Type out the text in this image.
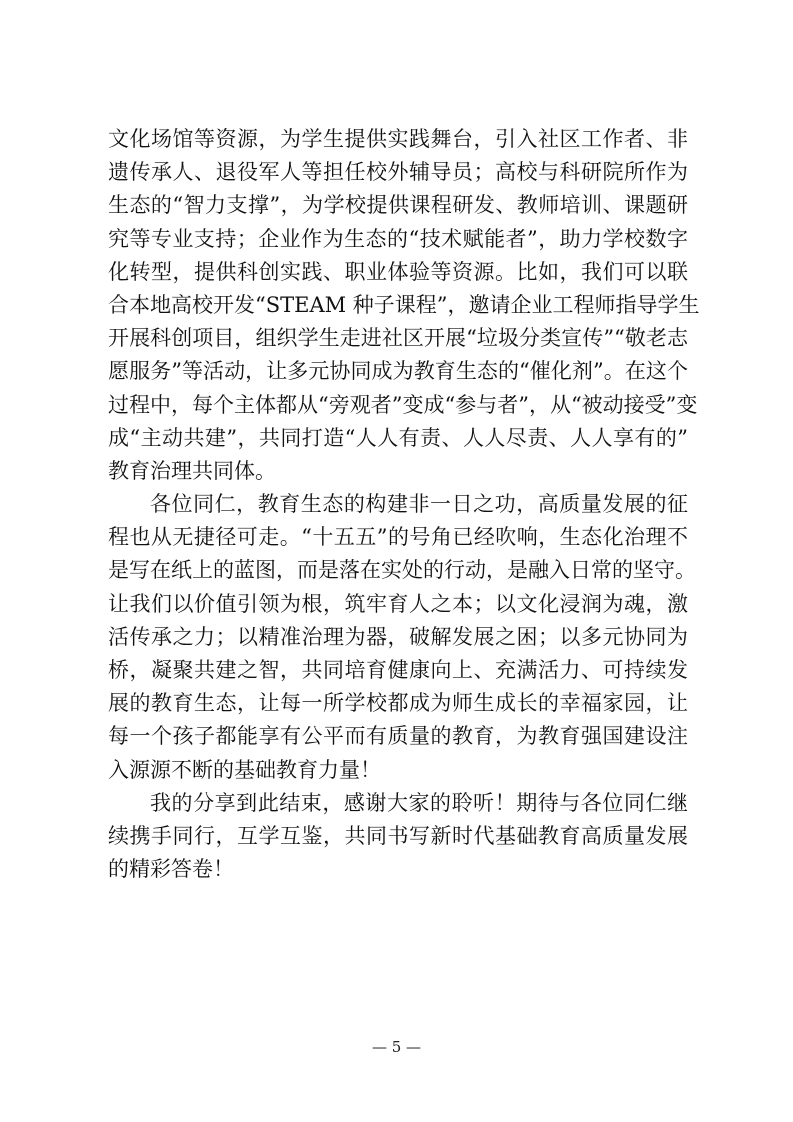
文化场馆等资源，为学生提供实践舞台，引入社区工作者、非
遗传承人、退役军人等担任校外辅导员；高校与科研院所作为
生态的“智力支撑”，为学校提供课程研发、教师培训、课题研
究等专业支持；企业作为生态的“技术赋能者”，助力学校数字
化转型，提供科创实践、职业体验等资源。比如，我们可以联
合本地高校开发“STEAM 种子课程”，邀请企业工程师指导学生
开展科创项目，组织学生走进社区开展“垃圾分类宣传”“敬老志
愿服务”等活动，让多元协同成为教育生态的“催化剂”。在这个
过程中，每个主体都从“旁观者”变成“参与者”，从“被动接受”变
成“主动共建”，共同打造“人人有责、人人尽责、人人享有的”
教育治理共同体。
各位同仁，教育生态的构建非一日之功，高质量发展的征
程也从无捷径可走。“十五五”的号角已经吹响，生态化治理不
是写在纸上的蓝图，而是落在实处的行动，是融入日常的坚守。
让我们以价值引领为根，筑牢育人之本；以文化浸润为魂，激
活传承之力；以精准治理为器，破解发展之困；以多元协同为
桥，凝聚共建之智，共同培育健康向上、充满活力、可持续发
展的教育生态，让每一所学校都成为师生成长的幸福家园，让
每一个孩子都能享有公平而有质量的教育，为教育强国建设注
入源源不断的基础教育力量！
我的分享到此结束，感谢大家的聆听！期待与各位同仁继
续携手同行，互学互鉴，共同书写新时代基础教育高质量发展
的精彩答卷！
— 5 —
